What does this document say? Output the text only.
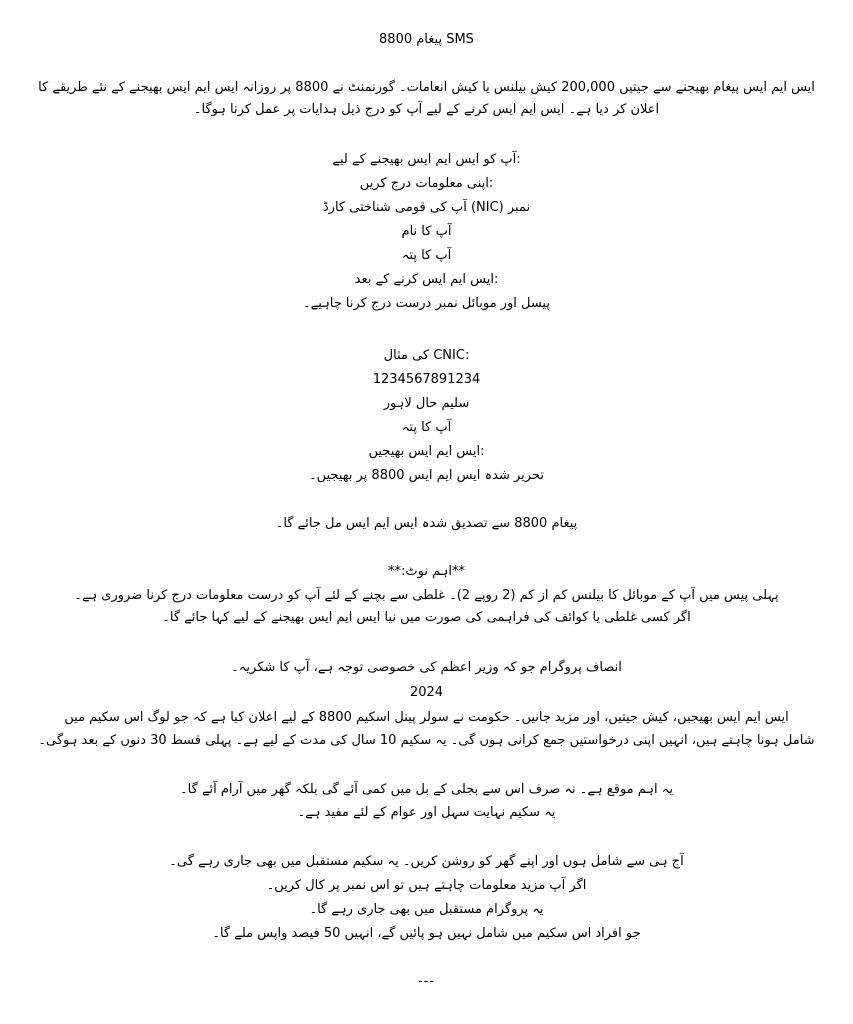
SMS پیغام 8800
ایس ایم ایس پیغام بھیجنے سے جیتیں 200,000 کیش بیلنس یا کیش انعامات۔ گورنمنٹ نے 8800 پر روزانہ ایس ایم ایس بھیجنے کے نئے طریقے کا
اعلان کر دیا ہے۔ ایس ایم ایس کرنے کے لیے آپ کو درج ذیل ہدایات پر عمل کرنا ہوگا۔
:آپ کو ایس ایم ایس بھیجنے کے لیے
:اپنی معلومات درج کریں
نمبر (NIC) آپ کی قومی شناختی کارڈ
آپ کا نام
آپ کا پتہ
:ایس ایم ایس کرنے کے بعد
پیسل اور موبائل نمبر درست درج کرنا چاہیے۔
:CNIC کی مثال
1234567891234
سلیم حال لاہور
آپ کا پتہ
:ایس ایم ایس بھیجیں
تحریر شدہ ایس ایم ایس 8800 پر بھیجیں۔
پیغام 8800 سے تصدیق شدہ ایس ایم ایس مل جائے گا۔
**اہم نوٹ:**
پہلی پیس میں آپ کے موبائل کا بیلنس کم از کم (2 روپے 2)۔ غلطی سے بچنے کے لئے آپ کو درست معلومات درج کرنا ضروری ہے۔
اگر کسی غلطی یا کوائف کی فراہمی کی صورت میں نیا ایس ایم ایس بھیجنے کے لیے کہا جائے گا۔
انصاف پروگرام جو کہ وزیر اعظم کی خصوصی توجہ ہے، آپ کا شکریہ۔
2024
ایس ایم ایس بھیجیں، کیش جیتیں، اور مزید جانیں۔ حکومت نے سولر پینل اسکیم 8800 کے لیے اعلان کیا ہے کہ جو لوگ اس سکیم میں
شامل ہونا چاہتے ہیں، انہیں اپنی درخواستیں جمع کرانی ہوں گی۔ یہ سکیم 10 سال کی مدت کے لیے ہے۔ پہلی قسط 30 دنوں کے بعد ہوگی۔
یہ اہم موقع ہے۔ نہ صرف اس سے بجلی کے بل میں کمی آئے گی بلکہ گھر میں آرام آئے گا۔
یہ سکیم نہایت سہل اور عوام کے لئے مفید ہے۔
آج ہی سے شامل ہوں اور اپنے گھر کو روشن کریں۔ یہ سکیم مستقبل میں بھی جاری رہے گی۔
اگر آپ مزید معلومات چاہتے ہیں تو اس نمبر پر کال کریں۔
یہ پروگرام مستقبل میں بھی جاری رہے گا۔
جو افراد اس سکیم میں شامل نہیں ہو پائیں گے، انہیں 50 فیصد واپس ملے گا۔
---
